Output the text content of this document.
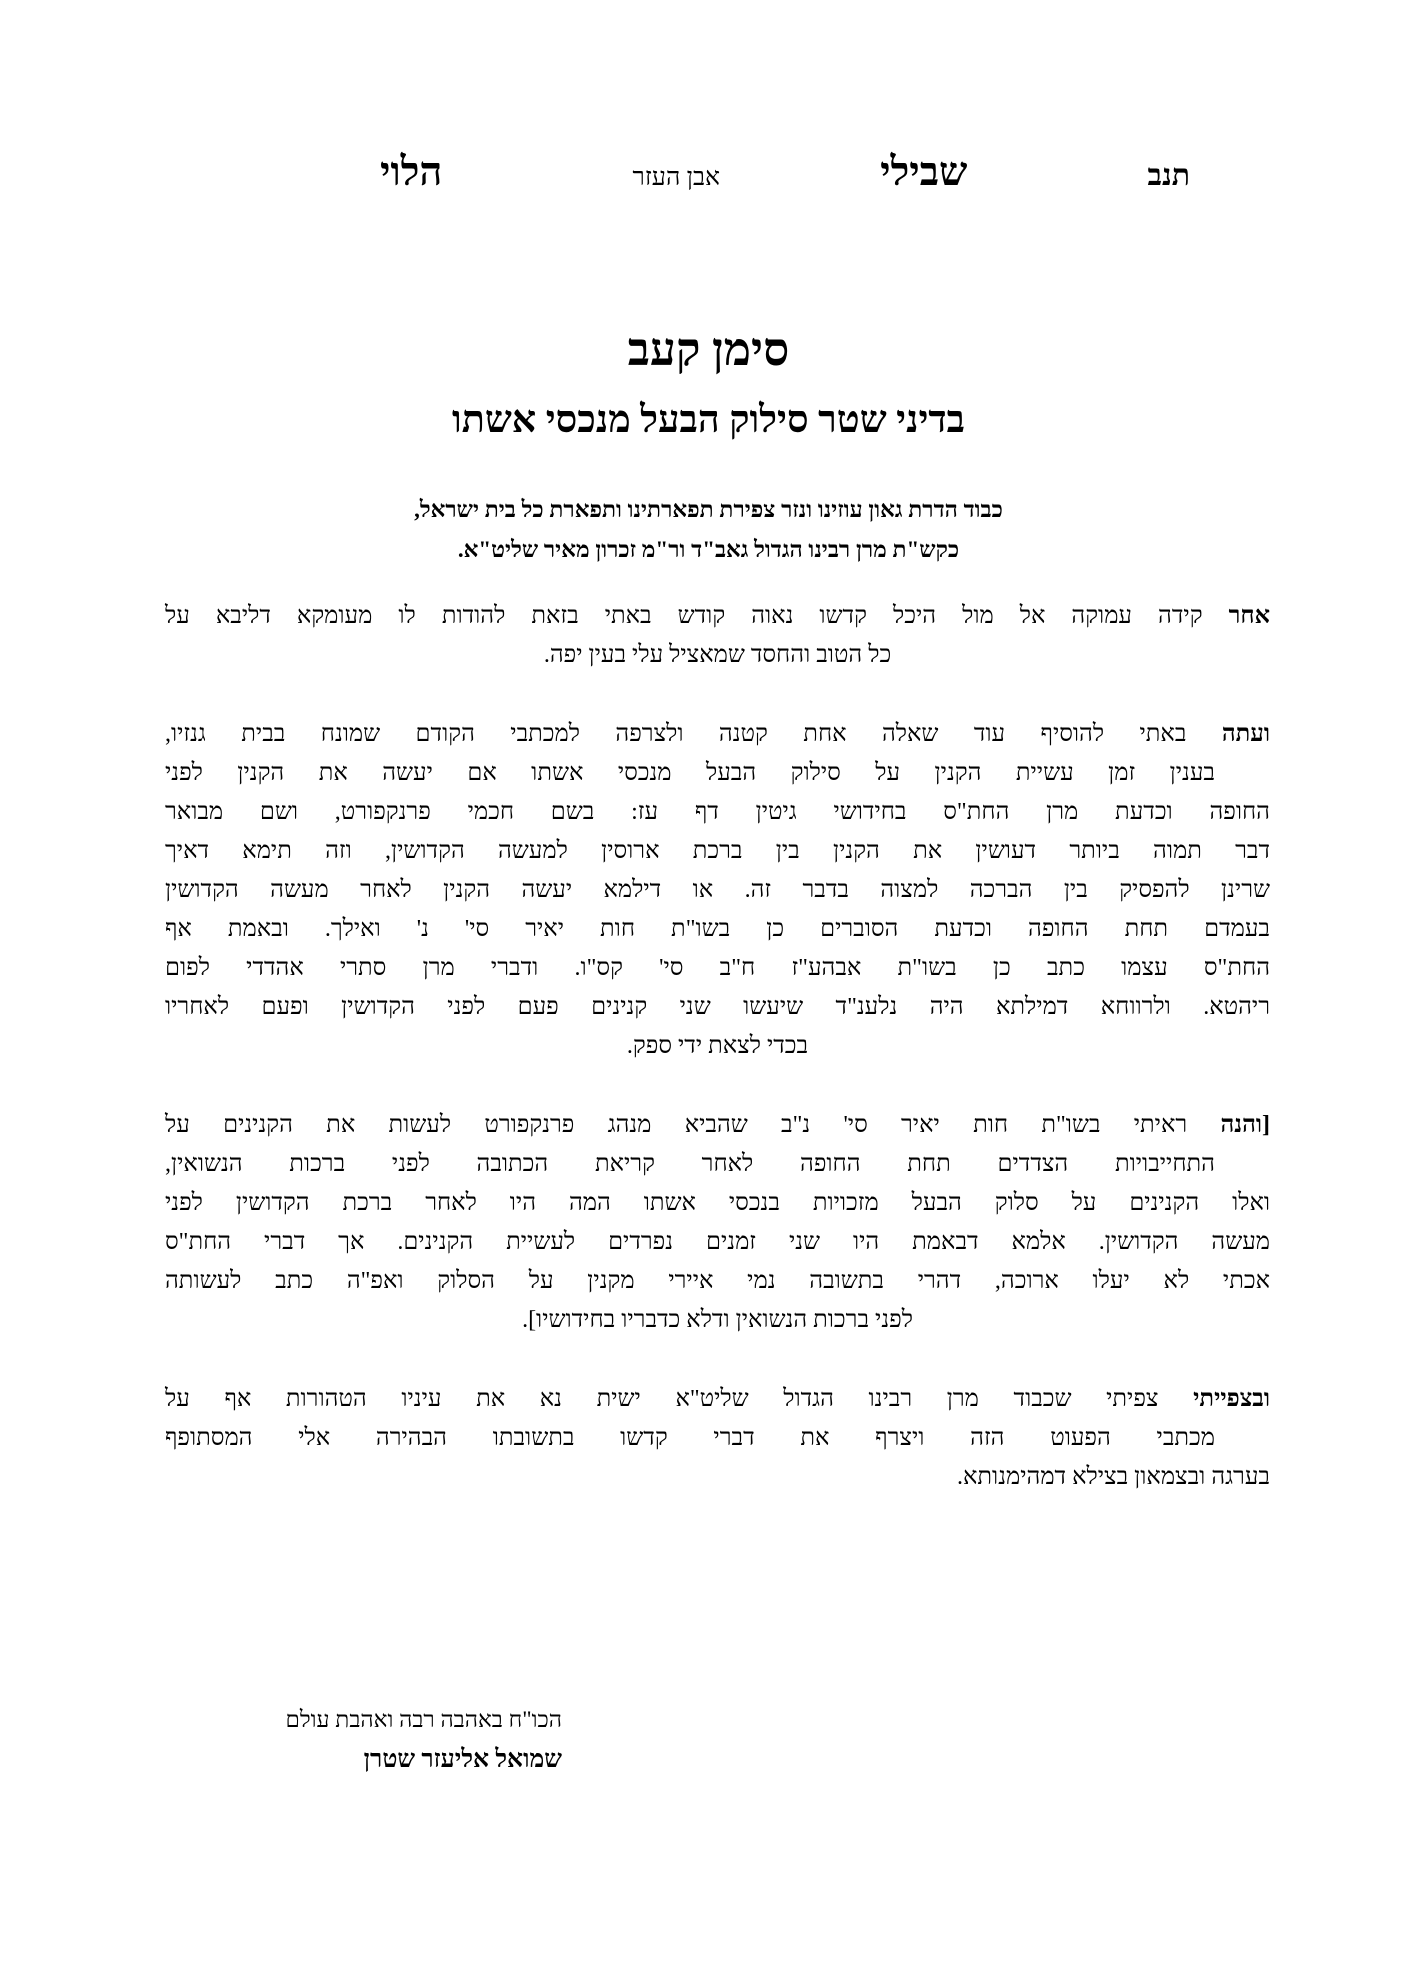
תנב
שבילי
אבן העזר
הלוי
סימן קעב
בדיני שטר סילוק הבעל מנכסי אשתו
כבוד הדרת גאון עוזינו ונזר צפירת תפארתינו ותפארת כל בית ישראל,
כקש"ת מרן רבינו הגדול גאב"ד ור"מ זכרון מאיר שליט"א.

אחר קידה עמוקה אל מול היכל קדשו נאוה קודש באתי בזאת להודות לו מעומקא דליבא על
כל הטוב והחסד שמאציל עלי בעין יפה.

ועתה באתי להוסיף עוד שאלה אחת קטנה ולצרפה למכתבי הקודם שמונח בבית גנזיו,
בענין זמן עשיית הקנין על סילוק הבעל מנכסי אשתו אם יעשה את הקנין לפני
החופה וכדעת מרן החת"ס בחידושי גיטין דף עז: בשם חכמי פרנקפורט, ושם מבואר
דבר תמוה ביותר דעושין את הקנין בין ברכת ארוסין למעשה הקדושין, וזה תימא דאיך
שרינן להפסיק בין הברכה למצוה בדבר זה. או דילמא יעשה הקנין לאחר מעשה הקדושין
בעמדם תחת החופה וכדעת הסוברים כן בשו"ת חות יאיר סי' נ' ואילך. ובאמת אף
החת"ס עצמו כתב כן בשו"ת אבהע"ז ח"ב סי' קס"ו. ודברי מרן סתרי אהדדי לפום
ריהטא. ולרווחא דמילתא היה נלענ"ד שיעשו שני קנינים פעם לפני הקדושין ופעם לאחריו
בכדי לצאת ידי ספק.

[והנה ראיתי בשו"ת חות יאיר סי' נ"ב שהביא מנהג פרנקפורט לעשות את הקנינים על
התחייבויות הצדדים תחת החופה לאחר קריאת הכתובה לפני ברכות הנשואין,
ואלו הקנינים על סלוק הבעל מזכויות בנכסי אשתו המה היו לאחר ברכת הקדושין לפני
מעשה הקדושין. אלמא דבאמת היו שני זמנים נפרדים לעשיית הקנינים. אך דברי החת"ס
אכתי לא יעלו ארוכה, דהרי בתשובה נמי איירי מקנין על הסלוק ואפ"ה כתב לעשותה
לפני ברכות הנשואין ודלא כדבריו בחידושיו].

ובצפייתי צפיתי שכבוד מרן רבינו הגדול שליט"א ישית נא את עיניו הטהורות אף על
מכתבי הפעוט הזה ויצרף את דברי קדשו בתשובתו הבהירה אלי המסתופף
בערגה ובצמאון בצילא דמהימנותא.

הכו"ח באהבה רבה ואהבת עולם
שמואל אליעזר שטרן
